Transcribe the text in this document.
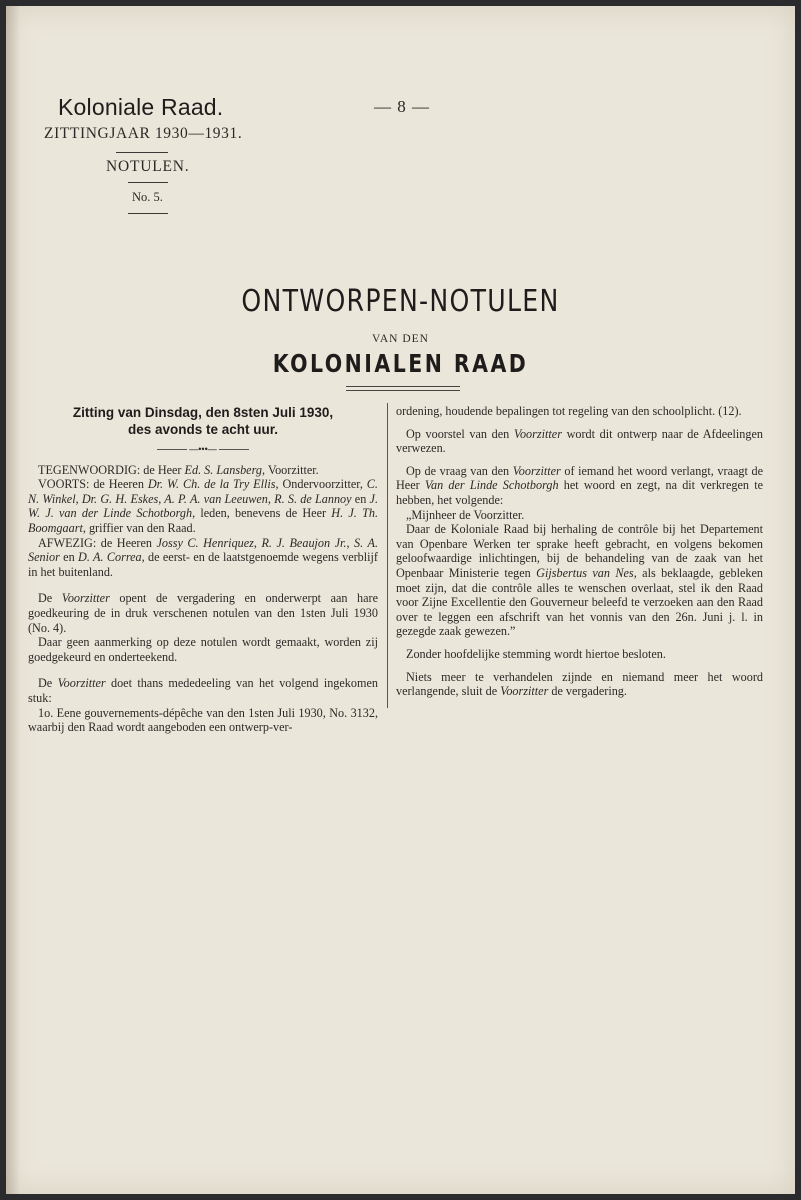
Koloniale Raad.	— 8 —
ZITTINGJAAR 1930—1931.
NOTULEN.
No. 5.
ONTWORPEN-NOTULEN
VAN DEN
KOLONIALEN RAAD
Zitting van Dinsdag, den 8sten Juli 1930,
des avonds te acht uur.
—•••—

TEGENWOORDIG: de Heer Ed. S. Lansberg, Voorzitter.

VOORTS: de Heeren Dr. W. Ch. de la Try Ellis, Ondervoorzitter, C. N. Winkel, Dr. G. H. Eskes, A. P. A. van Leeuwen, R. S. de Lannoy en J. W. J. van der Linde Schotborgh, leden, benevens de Heer H. J. Th. Boomgaart, griffier van den Raad.

AFWEZIG: de Heeren Jossy C. Henriquez, R. J. Beaujon Jr., S. A. Senior en D. A. Correa, de eerst- en de laatstgenoemde wegens verblijf in het buitenland.

De Voorzitter opent de vergadering en onderwerpt aan hare goedkeuring de in druk verschenen notulen van den 1sten Juli 1930 (No. 4).

Daar geen aanmerking op deze notulen wordt gemaakt, worden zij goedgekeurd en onderteekend.

De Voorzitter doet thans mededeeling van het volgend ingekomen stuk:

1o. Eene gouvernements-dépêche van den 1sten Juli 1930, No. 3132, waarbij den Raad wordt aangeboden een ontwerp-ver-

ordening, houdende bepalingen tot regeling van den schoolplicht. (12).

Op voorstel van den Voorzitter wordt dit ontwerp naar de Afdeelingen verwezen.

Op de vraag van den Voorzitter of iemand het woord verlangt, vraagt de Heer Van der Linde Schotborgh het woord en zegt, na dit verkregen te hebben, het volgende:

„Mijnheer de Voorzitter.

Daar de Koloniale Raad bij herhaling de contrôle bij het Departement van Openbare Werken ter sprake heeft gebracht, en volgens bekomen geloofwaardige inlichtingen, bij de behandeling van de zaak van het Openbaar Ministerie tegen Gijsbertus van Nes, als beklaagde, gebleken moet zijn, dat die contrôle alles te wenschen overlaat, stel ik den Raad voor Zijne Excellentie den Gouverneur beleefd te verzoeken aan den Raad over te leggen een afschrift van het vonnis van den 26n. Juni j. l. in gezegde zaak gewezen.”

Zonder hoofdelijke stemming wordt hiertoe besloten.

Niets meer te verhandelen zijnde en niemand meer het woord verlangende, sluit de Voorzitter de vergadering.
